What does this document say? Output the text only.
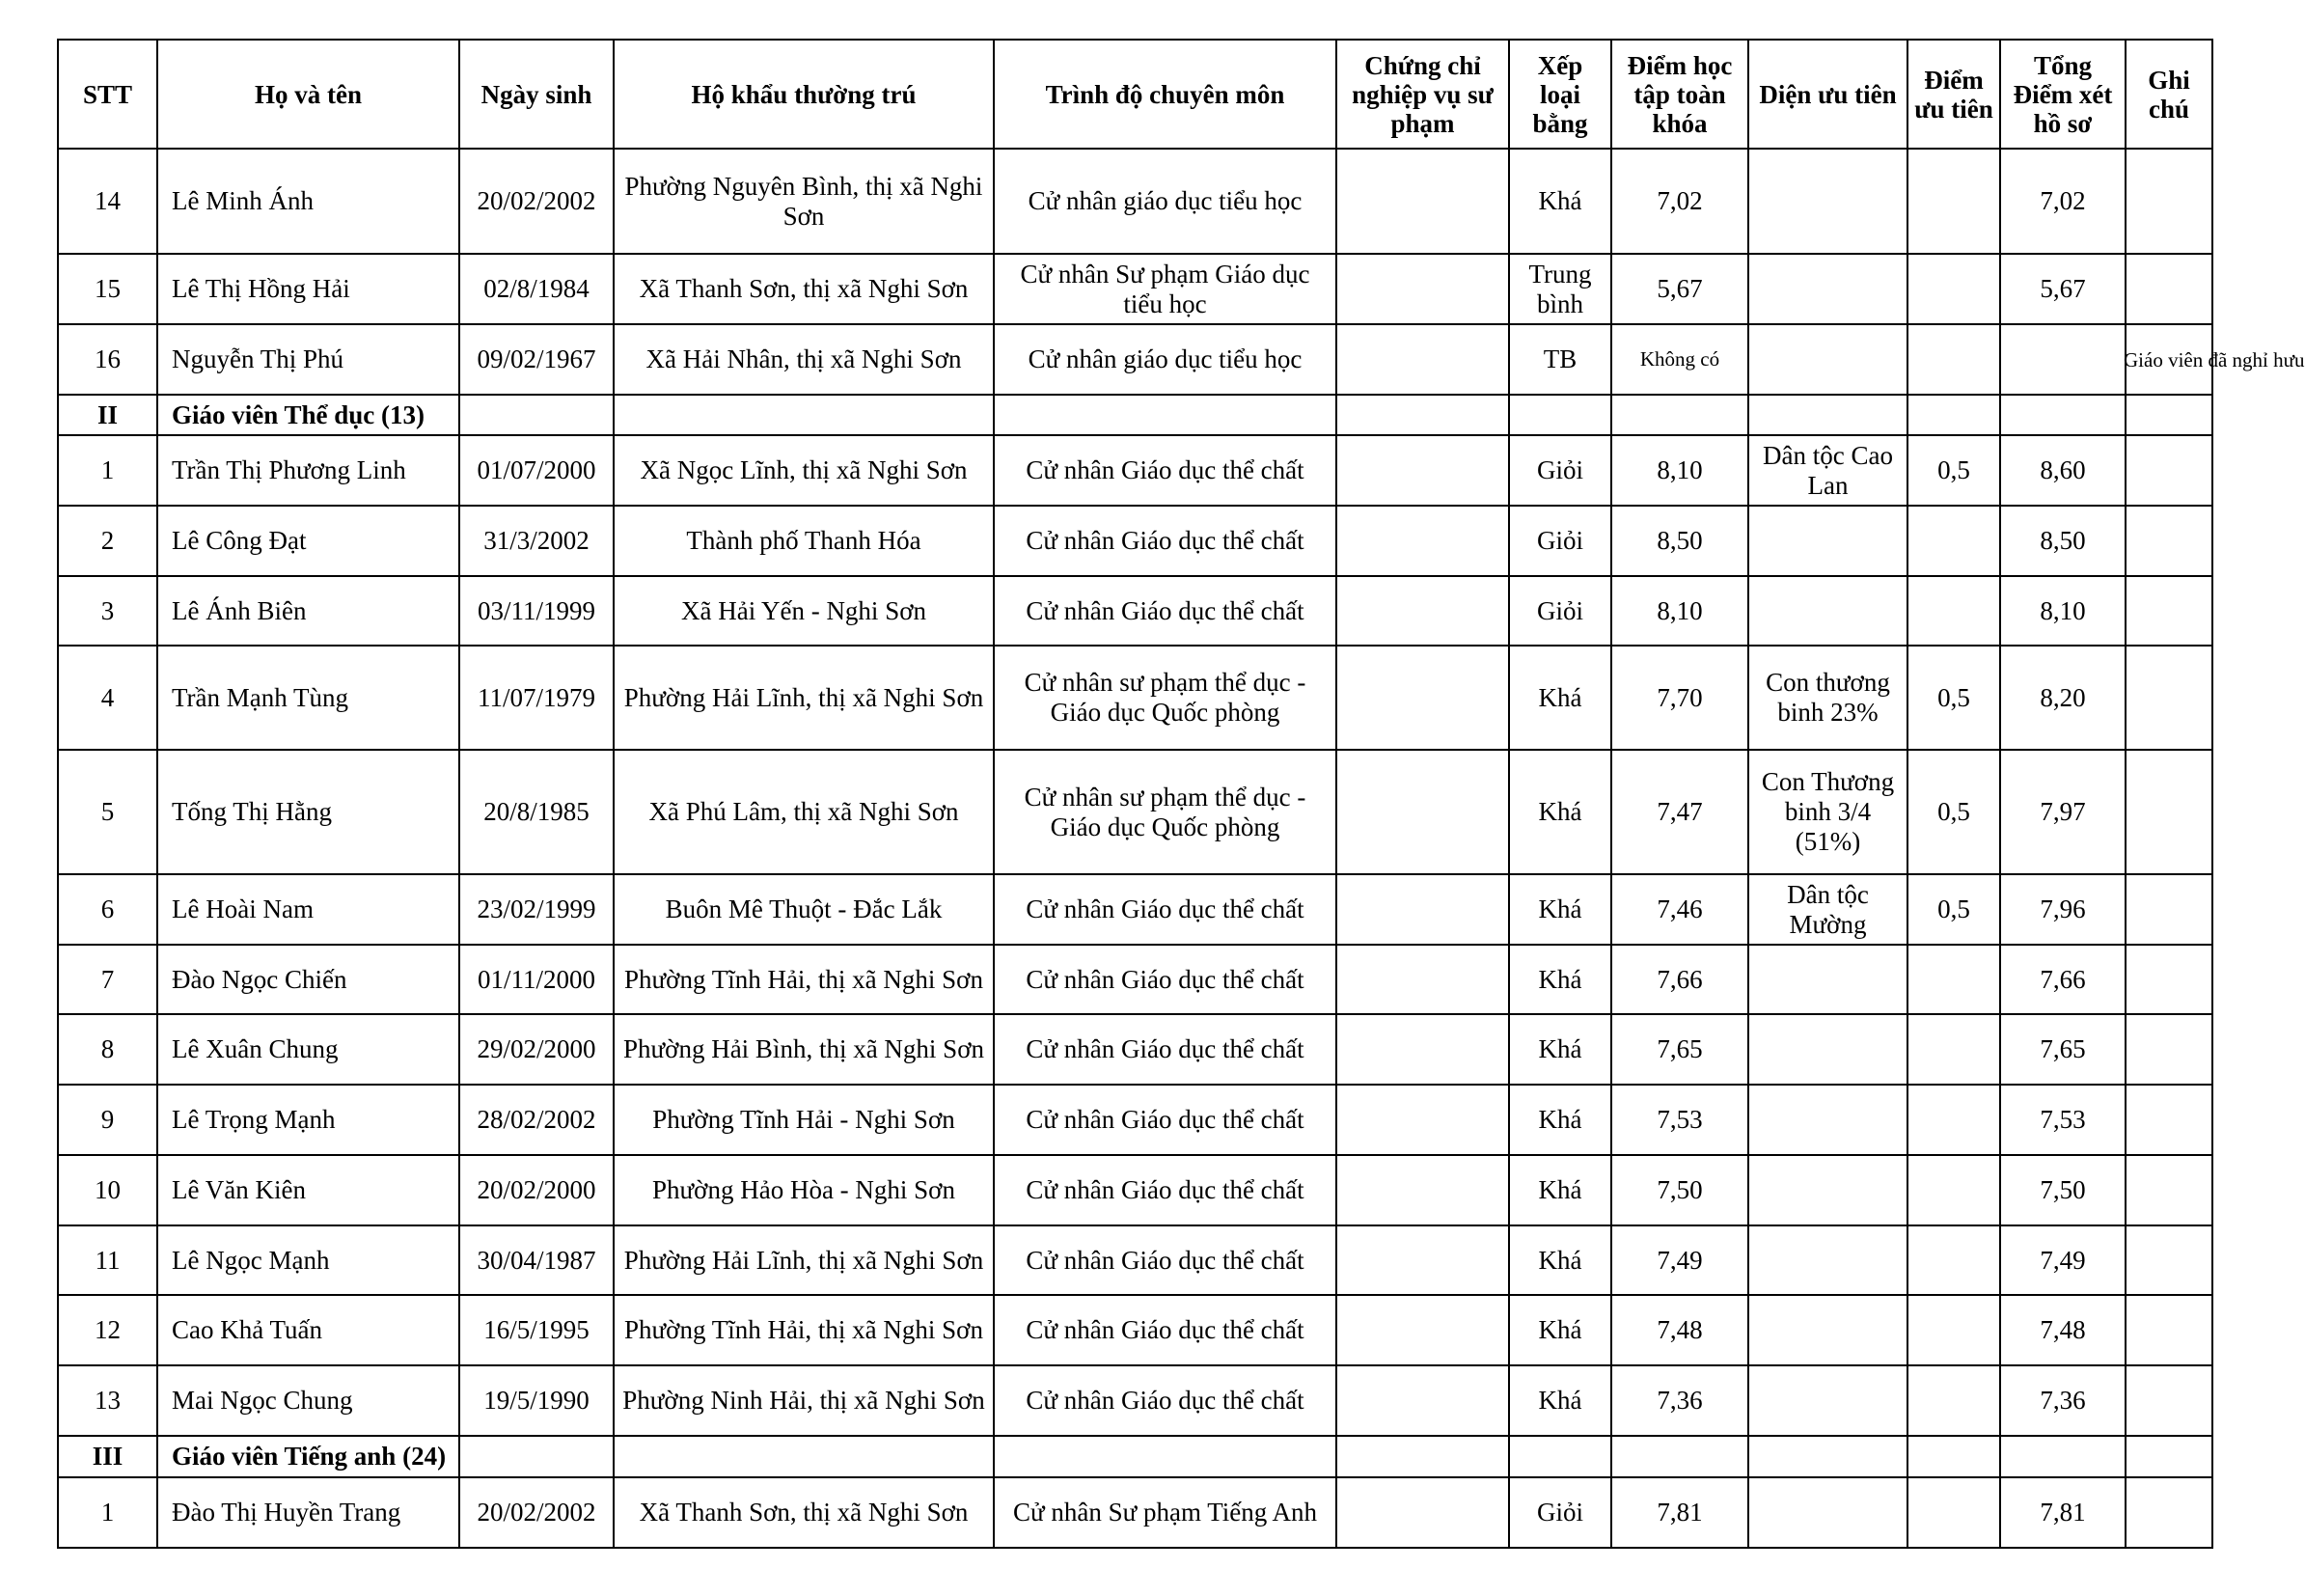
STT	Họ và tên	Ngày sinh	Hộ khẩu thường trú	Trình độ chuyên môn	Chứng chỉ nghiệp vụ sư phạm	Xếp loại bằng	Điểm học tập toàn khóa	Diện ưu tiên	Điểm ưu tiên	Tổng Điểm xét hồ sơ	Ghi chú
14	Lê Minh Ánh	20/02/2002	Phường Nguyên Bình, thị xã Nghi Sơn	Cử nhân giáo dục tiểu học		Khá	7,02			7,02	

15	Lê Thị Hồng Hải	02/8/1984	Xã Thanh Sơn, thị xã Nghi Sơn	Cử nhân Sư phạm Giáo dục tiểu học		Trung bình	5,67			5,67	

16	Nguyễn Thị Phú	09/02/1967	Xã Hải Nhân, thị xã Nghi Sơn	Cử nhân giáo dục tiểu học		TB	Không có				Giáo viên đã nghỉ hưu

II	Giáo viên Thể dục (13)										
1	Trần Thị Phương Linh	01/07/2000	Xã Ngọc Lĩnh, thị xã Nghi Sơn	Cử nhân Giáo dục thể chất		Giỏi	8,10	Dân tộc Cao Lan	0,5	8,60	

2	Lê Công Đạt	31/3/2002	Thành phố Thanh Hóa	Cử nhân Giáo dục thể chất		Giỏi	8,50			8,50	

3	Lê Ánh Biên	03/11/1999	Xã Hải Yến - Nghi Sơn	Cử nhân Giáo dục thể chất		Giỏi	8,10			8,10	

4	Trần Mạnh Tùng	11/07/1979	Phường Hải Lĩnh, thị xã Nghi Sơn	Cử nhân sư phạm thể dục - Giáo dục Quốc phòng		Khá	7,70	Con thương binh 23%	0,5	8,20	

5	Tống Thị Hằng	20/8/1985	Xã Phú Lâm, thị xã Nghi Sơn	Cử nhân sư phạm thể dục - Giáo dục Quốc phòng		Khá	7,47	Con Thương binh 3/4 (51%)	0,5	7,97	

6	Lê Hoài Nam	23/02/1999	Buôn Mê Thuột - Đắc Lắk	Cử nhân Giáo dục thể chất		Khá	7,46	Dân tộc Mường	0,5	7,96	

7	Đào Ngọc Chiến	01/11/2000	Phường Tĩnh Hải, thị xã Nghi Sơn	Cử nhân Giáo dục thể chất		Khá	7,66			7,66	

8	Lê Xuân Chung	29/02/2000	Phường Hải Bình, thị xã Nghi Sơn	Cử nhân Giáo dục thể chất		Khá	7,65			7,65	

9	Lê Trọng Mạnh	28/02/2002	Phường Tĩnh Hải - Nghi Sơn	Cử nhân Giáo dục thể chất		Khá	7,53			7,53	

10	Lê Văn Kiên	20/02/2000	Phường Hảo Hòa - Nghi Sơn	Cử nhân Giáo dục thể chất		Khá	7,50			7,50	

11	Lê Ngọc Mạnh	30/04/1987	Phường Hải Lĩnh, thị xã Nghi Sơn	Cử nhân Giáo dục thể chất		Khá	7,49			7,49	

12	Cao Khả Tuấn	16/5/1995	Phường Tĩnh Hải, thị xã Nghi Sơn	Cử nhân Giáo dục thể chất		Khá	7,48			7,48	

13	Mai Ngọc Chung	19/5/1990	Phường Ninh Hải, thị xã Nghi Sơn	Cử nhân Giáo dục thể chất		Khá	7,36			7,36	

III	Giáo viên Tiếng anh (24)										
1	Đào Thị Huyền Trang	20/02/2002	Xã Thanh Sơn, thị xã Nghi Sơn	Cử nhân Sư phạm Tiếng Anh		Giỏi	7,81			7,81	
